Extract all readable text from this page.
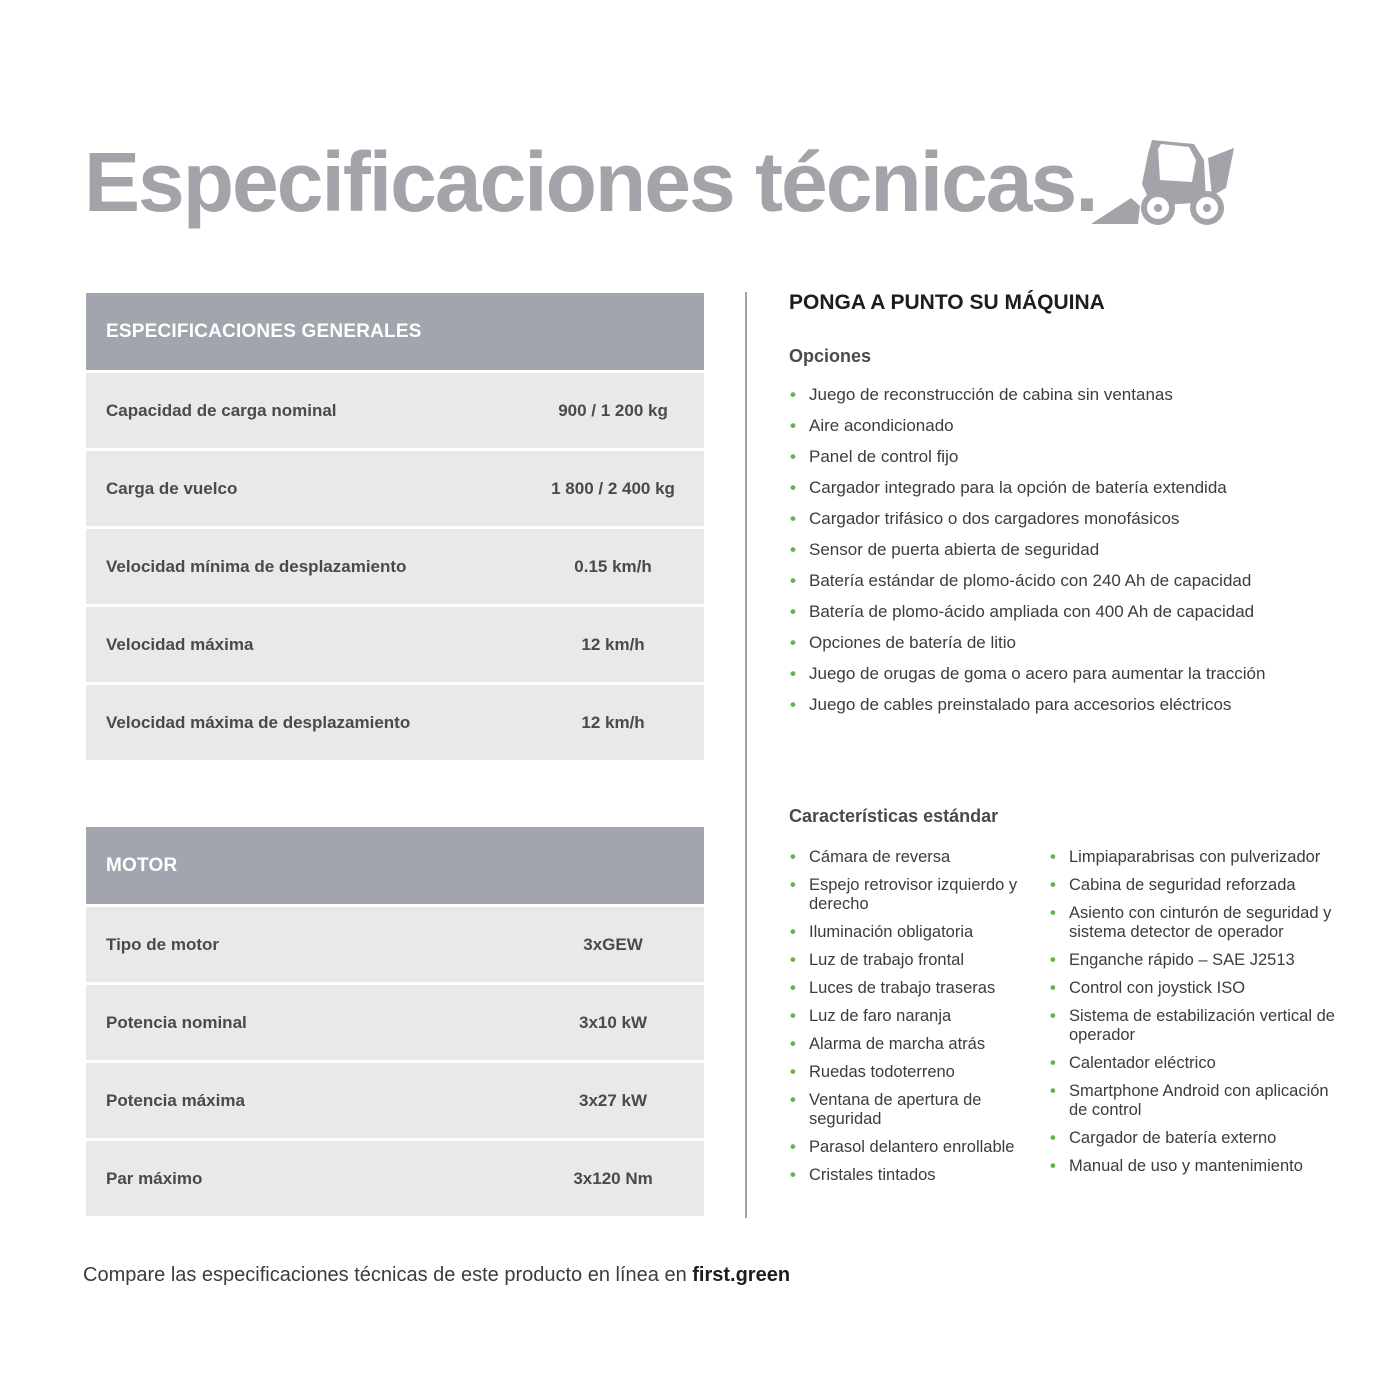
Especificaciones técnicas.
ESPECIFICACIONES GENERALES
Capacidad de carga nominal	900 / 1 200 kg
Carga de vuelco	1 800 / 2 400 kg
Velocidad mínima de desplazamiento	0.15 km/h
Velocidad máxima	12 km/h
Velocidad máxima de desplazamiento	12 km/h
MOTOR
Tipo de motor	3xGEW
Potencia nominal	3x10 kW
Potencia máxima	3x27 kW
Par máximo	3x120 Nm
PONGA A PUNTO SU MÁQUINA
Opciones
• Juego de reconstrucción de cabina sin ventanas
• Aire acondicionado
• Panel de control fijo
• Cargador integrado para la opción de batería extendida
• Cargador trifásico o dos cargadores monofásicos
• Sensor de puerta abierta de seguridad
• Batería estándar de plomo-ácido con 240 Ah de capacidad
• Batería de plomo-ácido ampliada con 400 Ah de capacidad
• Opciones de batería de litio
• Juego de orugas de goma o acero para aumentar la tracción
• Juego de cables preinstalado para accesorios eléctricos
Características estándar
• Cámara de reversa
• Espejo retrovisor izquierdo y derecho
• Iluminación obligatoria
• Luz de trabajo frontal
• Luces de trabajo traseras
• Luz de faro naranja
• Alarma de marcha atrás
• Ruedas todoterreno
• Ventana de apertura de seguridad
• Parasol delantero enrollable
• Cristales tintados
• Limpiaparabrisas con pulverizador
• Cabina de seguridad reforzada
• Asiento con cinturón de seguridad y sistema detector de operador
• Enganche rápido – SAE J2513
• Control con joystick ISO
• Sistema de estabilización vertical de operador
• Calentador eléctrico
• Smartphone Android con aplicación de control
• Cargador de batería externo
• Manual de uso y mantenimiento
Compare las especificaciones técnicas de este producto en línea en first.green
